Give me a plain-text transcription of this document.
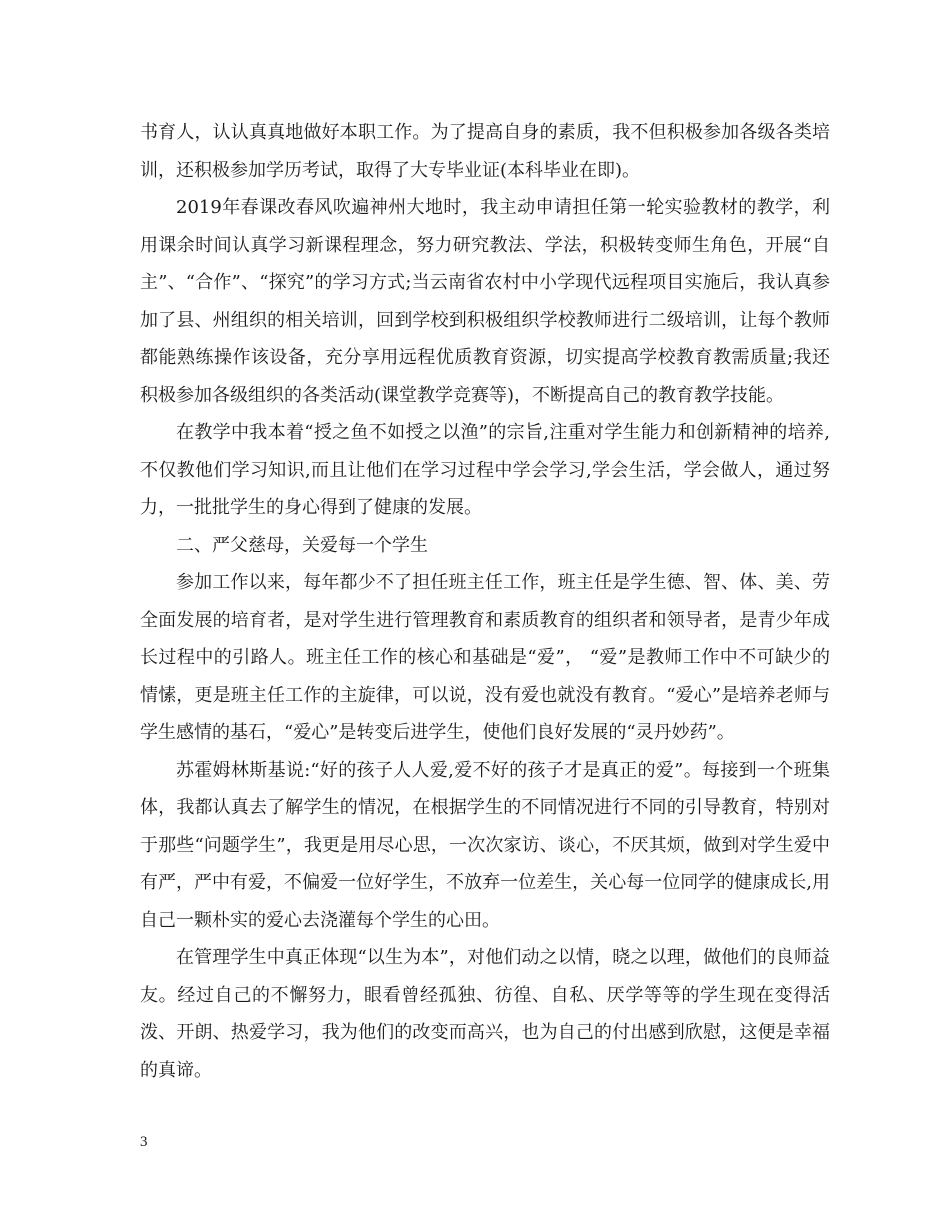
书育人，认认真真地做好本职工作。为了提高自身的素质，我不但积极参加各级各类培训，还积极参加学历考试，取得了大专毕业证(本科毕业在即)。

2019年春课改春风吹遍神州大地时，我主动申请担任第一轮实验教材的教学，利用课余时间认真学习新课程理念，努力研究教法、学法，积极转变师生角色，开展“自主”、“合作”、“探究”的学习方式;当云南省农村中小学现代远程项目实施后，我认真参加了县、州组织的相关培训，回到学校到积极组织学校教师进行二级培训，让每个教师都能熟练操作该设备，充分享用远程优质教育资源，切实提高学校教育教需质量;我还积极参加各级组织的各类活动(课堂教学竞赛等)，不断提高自己的教育教学技能。

在教学中我本着“授之鱼不如授之以渔”的宗旨,注重对学生能力和创新精神的培养,不仅教他们学习知识,而且让他们在学习过程中学会学习,学会生活，学会做人，通过努力，一批批学生的身心得到了健康的发展。

二、严父慈母，关爱每一个学生

参加工作以来，每年都少不了担任班主任工作，班主任是学生德、智、体、美、劳全面发展的培育者，是对学生进行管理教育和素质教育的组织者和领导者，是青少年成长过程中的引路人。班主任工作的核心和基础是“爱”， “爱”是教师工作中不可缺少的情愫，更是班主任工作的主旋律，可以说，没有爱也就没有教育。“爱心”是培养老师与学生感情的基石，“爱心”是转变后进学生，使他们良好发展的“灵丹妙药”。

苏霍姆林斯基说:“好的孩子人人爱,爱不好的孩子才是真正的爱”。每接到一个班集体，我都认真去了解学生的情况，在根据学生的不同情况进行不同的引导教育，特别对于那些“问题学生”，我更是用尽心思，一次次家访、谈心，不厌其烦，做到对学生爱中有严，严中有爱，不偏爱一位好学生，不放弃一位差生，关心每一位同学的健康成长,用自己一颗朴实的爱心去浇灌每个学生的心田。

在管理学生中真正体现“以生为本”，对他们动之以情，晓之以理，做他们的良师益友。经过自己的不懈努力，眼看曾经孤独、彷徨、自私、厌学等等的学生现在变得活泼、开朗、热爱学习，我为他们的改变而高兴，也为自己的付出感到欣慰，这便是幸福的真谛。

3
